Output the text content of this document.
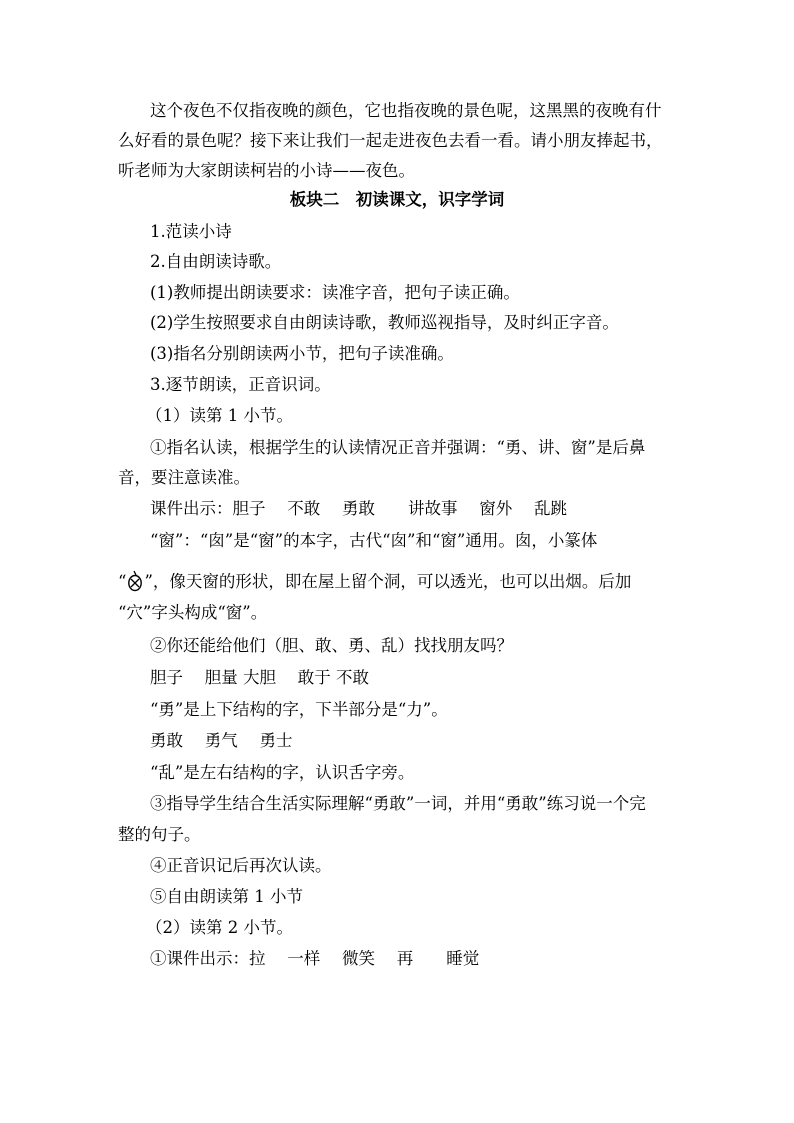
这个夜色不仅指夜晚的颜色，它也指夜晚的景色呢，这黑黑的夜晚有什
么好看的景色呢？接下来让我们一起走进夜色去看一看。请小朋友捧起书，
听老师为大家朗读柯岩的小诗——夜色。
板块二　初读课文，识字学词
1.范读小诗
2.自由朗读诗歌。
(1)教师提出朗读要求：读准字音，把句子读正确。
(2)学生按照要求自由朗读诗歌，教师巡视指导，及时纠正字音。
(3)指名分别朗读两小节，把句子读准确。
3.逐节朗读，正音识词。
（1）读第 1 小节。
①指名认读，根据学生的认读情况正音并强调：“勇、讲、窗”是后鼻
音，要注意读准。
课件出示：胆子　 不敢　 勇敢　　讲故事　 窗外　 乱跳
“窗”：“囱”是“窗”的本字，古代“囱”和“窗”通用。囱，小篆体
“ ”，像天窗的形状，即在屋上留个洞，可以透光，也可以出烟。后加
“穴”字头构成“窗”。
②你还能给他们（胆、敢、勇、乱）找找朋友吗？
胆子　 胆量 大胆　 敢于 不敢
“勇”是上下结构的字，下半部分是“力”。
勇敢　 勇气　 勇士
“乱”是左右结构的字，认识舌字旁。
③指导学生结合生活实际理解“勇敢”一词，并用“勇敢”练习说一个完
整的句子。
④正音识记后再次认读。
⑤自由朗读第 1 小节
（2）读第 2 小节。
①课件出示：拉　 一样　 微笑　 再　　睡觉
